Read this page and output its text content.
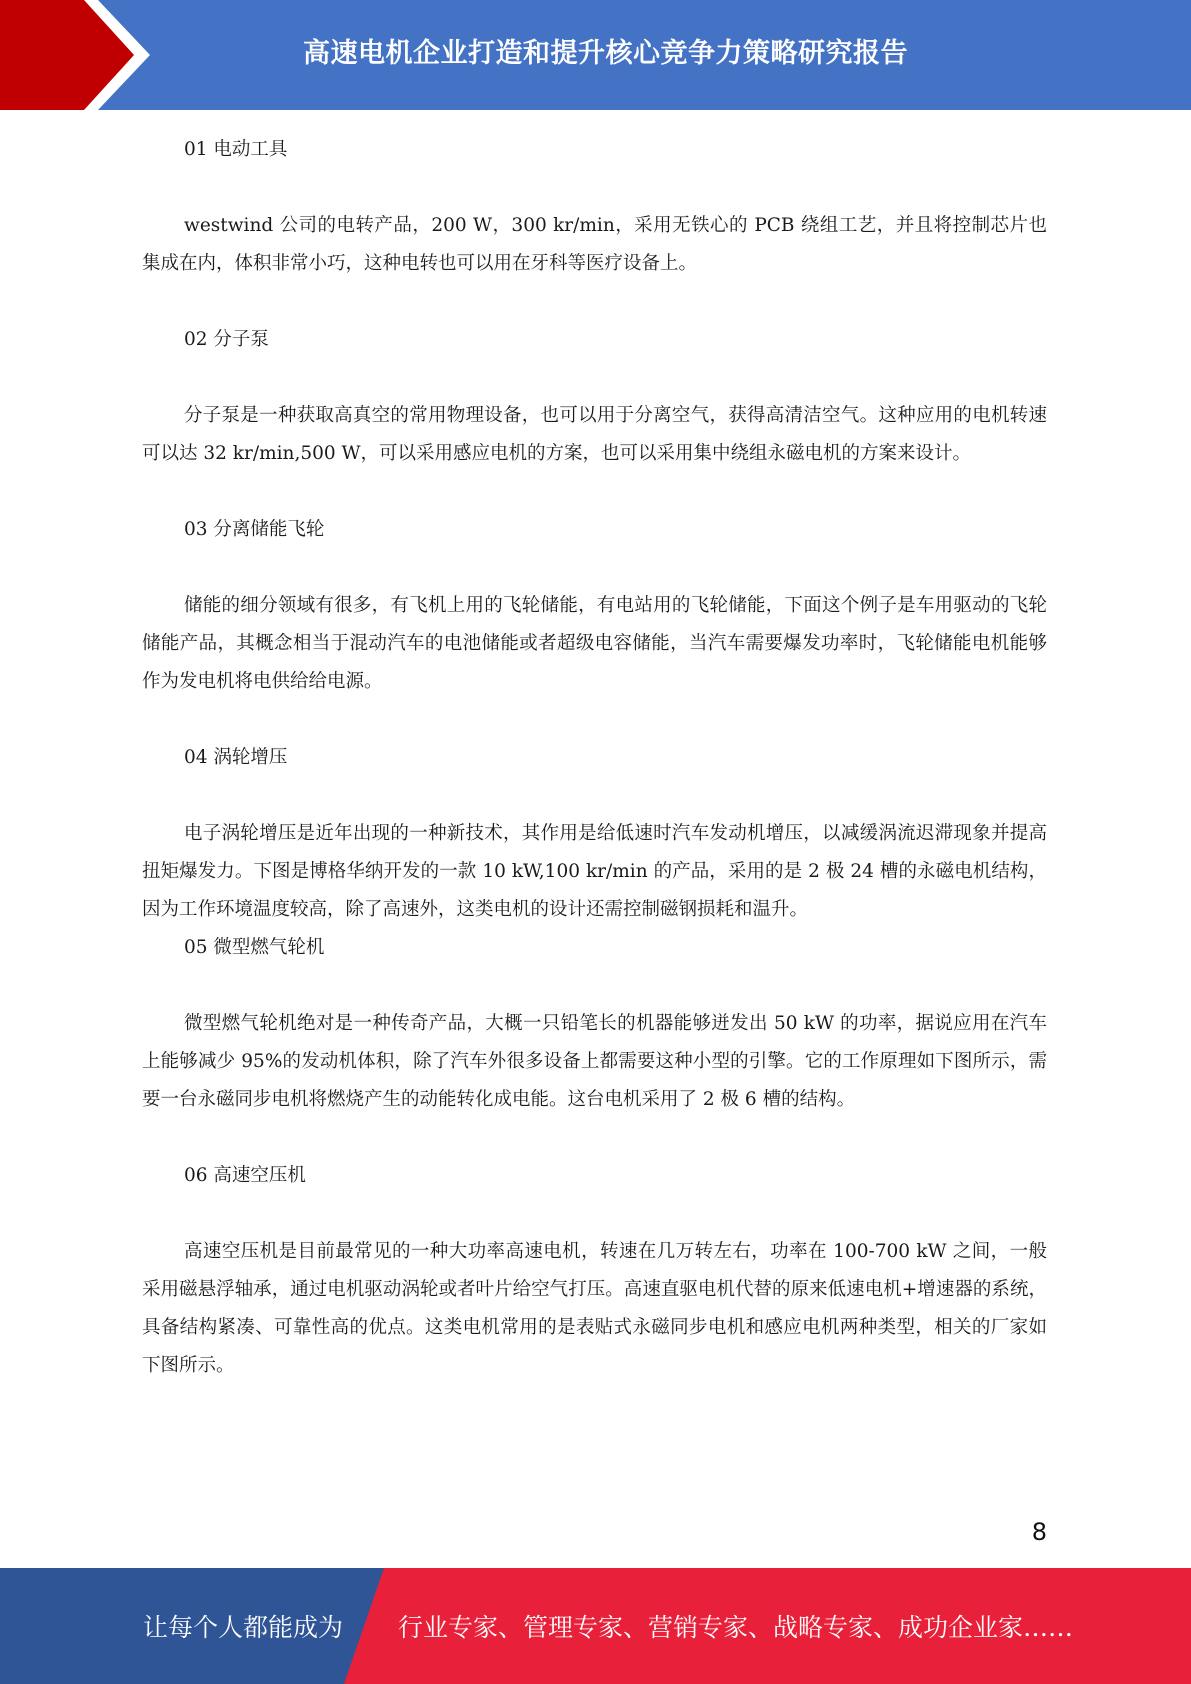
高速电机企业打造和提升核心竞争力策略研究报告

01 电动工具

westwind 公司的电转产品，200 W，300 kr/min，采用无铁心的 PCB 绕组工艺，并且将控制芯片也集成在内，体积非常小巧，这种电转也可以用在牙科等医疗设备上。

02 分子泵

分子泵是一种获取高真空的常用物理设备，也可以用于分离空气，获得高清洁空气。这种应用的电机转速可以达 32 kr/min,500 W，可以采用感应电机的方案，也可以采用集中绕组永磁电机的方案来设计。

03 分离储能飞轮

储能的细分领域有很多，有飞机上用的飞轮储能，有电站用的飞轮储能，下面这个例子是车用驱动的飞轮储能产品，其概念相当于混动汽车的电池储能或者超级电容储能，当汽车需要爆发功率时，飞轮储能电机能够作为发电机将电供给给电源。

04 涡轮增压

电子涡轮增压是近年出现的一种新技术，其作用是给低速时汽车发动机增压，以减缓涡流迟滞现象并提高扭矩爆发力。下图是博格华纳开发的一款 10 kW,100 kr/min 的产品，采用的是 2 极 24 槽的永磁电机结构，因为工作环境温度较高，除了高速外，这类电机的设计还需控制磁钢损耗和温升。

05 微型燃气轮机

微型燃气轮机绝对是一种传奇产品，大概一只铅笔长的机器能够迸发出 50 kW 的功率，据说应用在汽车上能够减少 95%的发动机体积，除了汽车外很多设备上都需要这种小型的引擎。它的工作原理如下图所示，需要一台永磁同步电机将燃烧产生的动能转化成电能。这台电机采用了 2 极 6 槽的结构。

06 高速空压机

高速空压机是目前最常见的一种大功率高速电机，转速在几万转左右，功率在 100-700 kW 之间，一般采用磁悬浮轴承，通过电机驱动涡轮或者叶片给空气打压。高速直驱电机代替的原来低速电机+增速器的系统，具备结构紧凑、可靠性高的优点。这类电机常用的是表贴式永磁同步电机和感应电机两种类型，相关的厂家如下图所示。

8
让每个人都能成为 行业专家、管理专家、营销专家、战略专家、成功企业家……
